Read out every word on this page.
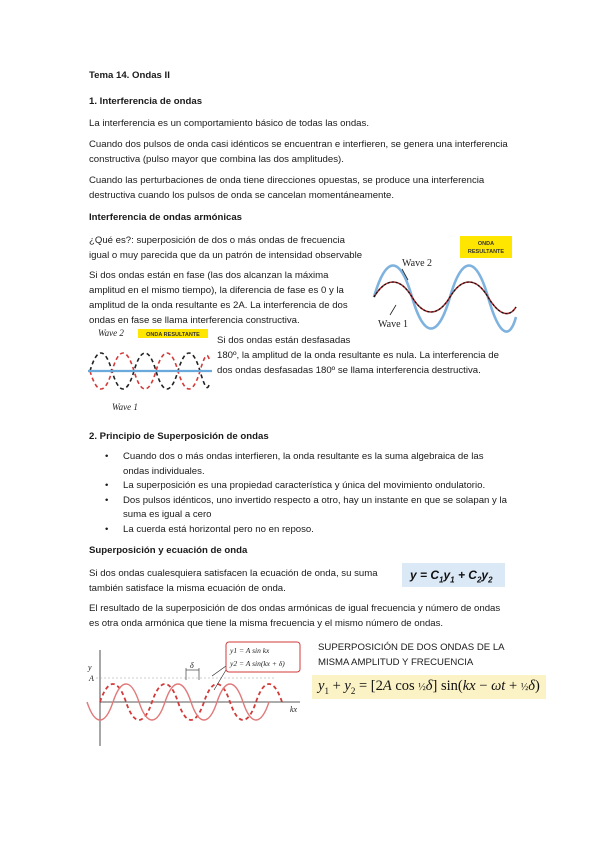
Tema 14. Ondas II

1. Interferencia de ondas

La interferencia es un comportamiento básico de todas las ondas.

Cuando dos pulsos de onda casi idénticos se encuentran e interfieren, se genera una interferencia

constructiva (pulso mayor que combina las dos amplitudes).

Cuando las perturbaciones de onda tiene direcciones opuestas, se produce una interferencia

destructiva cuando los pulsos de onda se cancelan momentáneamente.

Interferencia de ondas armónicas

¿Qué es?: superposición de dos o más ondas de frecuencia

igual o muy parecida que da un patrón de intensidad observable

Si dos ondas están en fase (las dos alcanzan la máxima

amplitud en el mismo tiempo), la diferencia de fase es 0 y la

amplitud de la onda resultante es 2A. La interferencia de dos

ondas en fase se llama interferencia constructiva.

Si dos ondas están desfasadas

180º, la amplitud de la onda resultante es nula. La interferencia de

dos ondas desfasadas 180º se llama interferencia destructiva.

Wave 2
Wave 1
ONDA RESULTANTE
Wave 2
Wave 1
ONDA
RESULTANTE

2. Principio de Superposición de ondas

• Cuando dos o más ondas interfieren, la onda resultante es la suma algebraica de las
ondas individuales.
• La superposición es una propiedad característica y única del movimiento ondulatorio.
• Dos pulsos idénticos, uno invertido respecto a otro, hay un instante en que se solapan y la
suma es igual a cero
• La cuerda está horizontal pero no en reposo.

Superposición y ecuación de onda

Si dos ondas cualesquiera satisfacen la ecuación de onda, su suma

también satisface la misma ecuación de onda.

$y = C_1y_1 + C_2y_2$

El resultado de la superposición de dos ondas armónicas de igual frecuencia y número de ondas

es otra onda armónica que tiene la misma frecuencia y el mismo número de ondas.

SUPERPOSICIÓN DE DOS ONDAS DE LA

MISMA AMPLITUD Y FRECUENCIA

$y_1 + y_2 = [2A$ cos ½δ] sin(kx − ωt + ½δ)
y1 = A sin kx
y2 = A sin(kx + δ)
y
A
kx
δ
